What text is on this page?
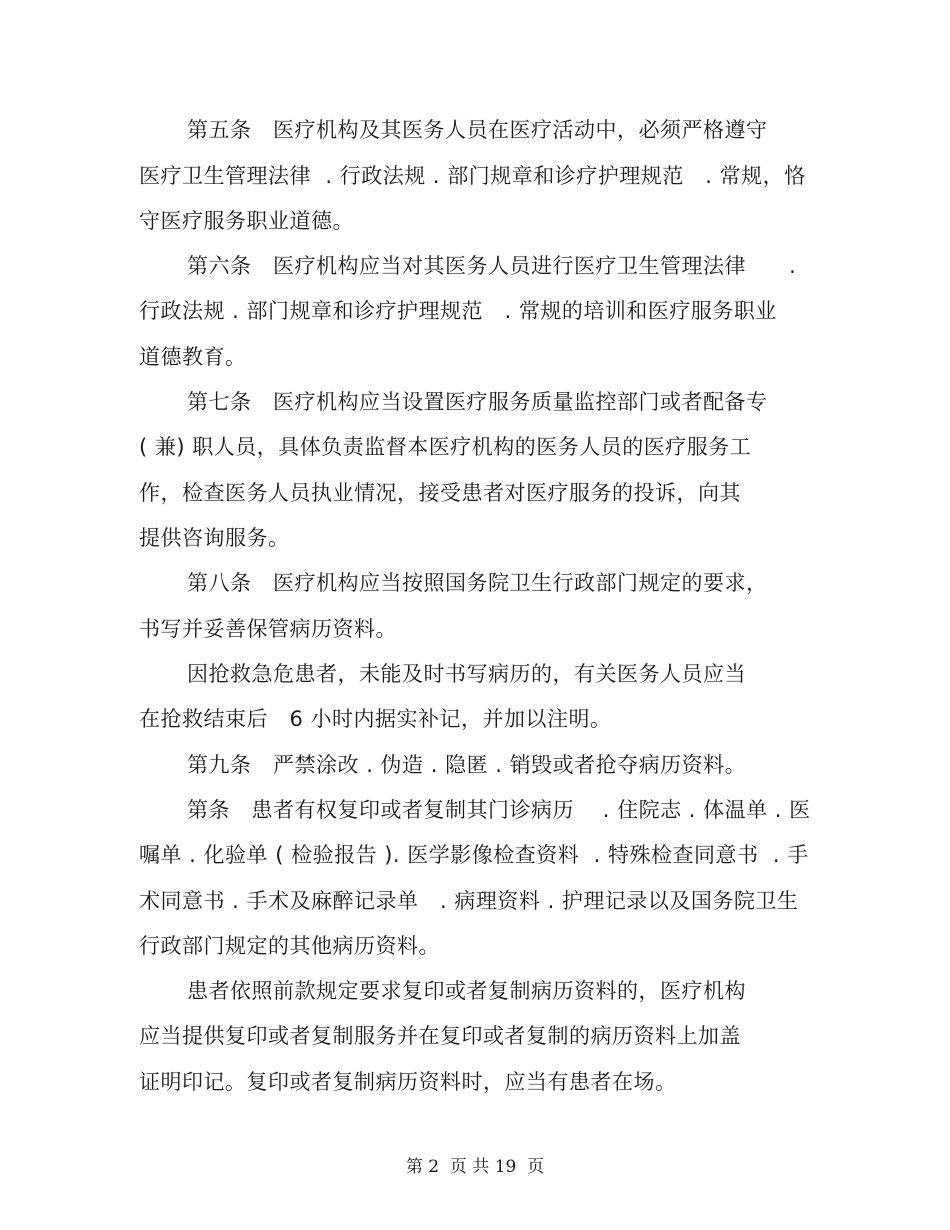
第五条   医疗机构及其医务人员在医疗活动中，必须严格遵守
医疗卫生管理法律  . 行政法规 . 部门规章和诊疗护理规范   . 常规，恪
守医疗服务职业道德。
第六条   医疗机构应当对其医务人员进行医疗卫生管理法律      .
行政法规 . 部门规章和诊疗护理规范   . 常规的培训和医疗服务职业
道德教育。
第七条   医疗机构应当设置医疗服务质量监控部门或者配备专
( 兼) 职人员，具体负责监督本医疗机构的医务人员的医疗服务工
作，检查医务人员执业情况，接受患者对医疗服务的投诉，向其
提供咨询服务。
第八条   医疗机构应当按照国务院卫生行政部门规定的要求，
书写并妥善保管病历资料。
因抢救急危患者，未能及时书写病历的，有关医务人员应当
在抢救结束后   6 小时内据实补记，并加以注明。
第九条   严禁涂改 . 伪造 . 隐匿 . 销毁或者抢夺病历资料。
第条   患者有权复印或者复制其门诊病历    . 住院志 . 体温单 . 医
嘱单 . 化验单 ( 检验报告 ). 医学影像检查资料  . 特殊检查同意书  . 手
术同意书 . 手术及麻醉记录单   . 病理资料 . 护理记录以及国务院卫生
行政部门规定的其他病历资料。
患者依照前款规定要求复印或者复制病历资料的，医疗机构
应当提供复印或者复制服务并在复印或者复制的病历资料上加盖
证明印记。复印或者复制病历资料时，应当有患者在场。
第 2  页 共 19  页
